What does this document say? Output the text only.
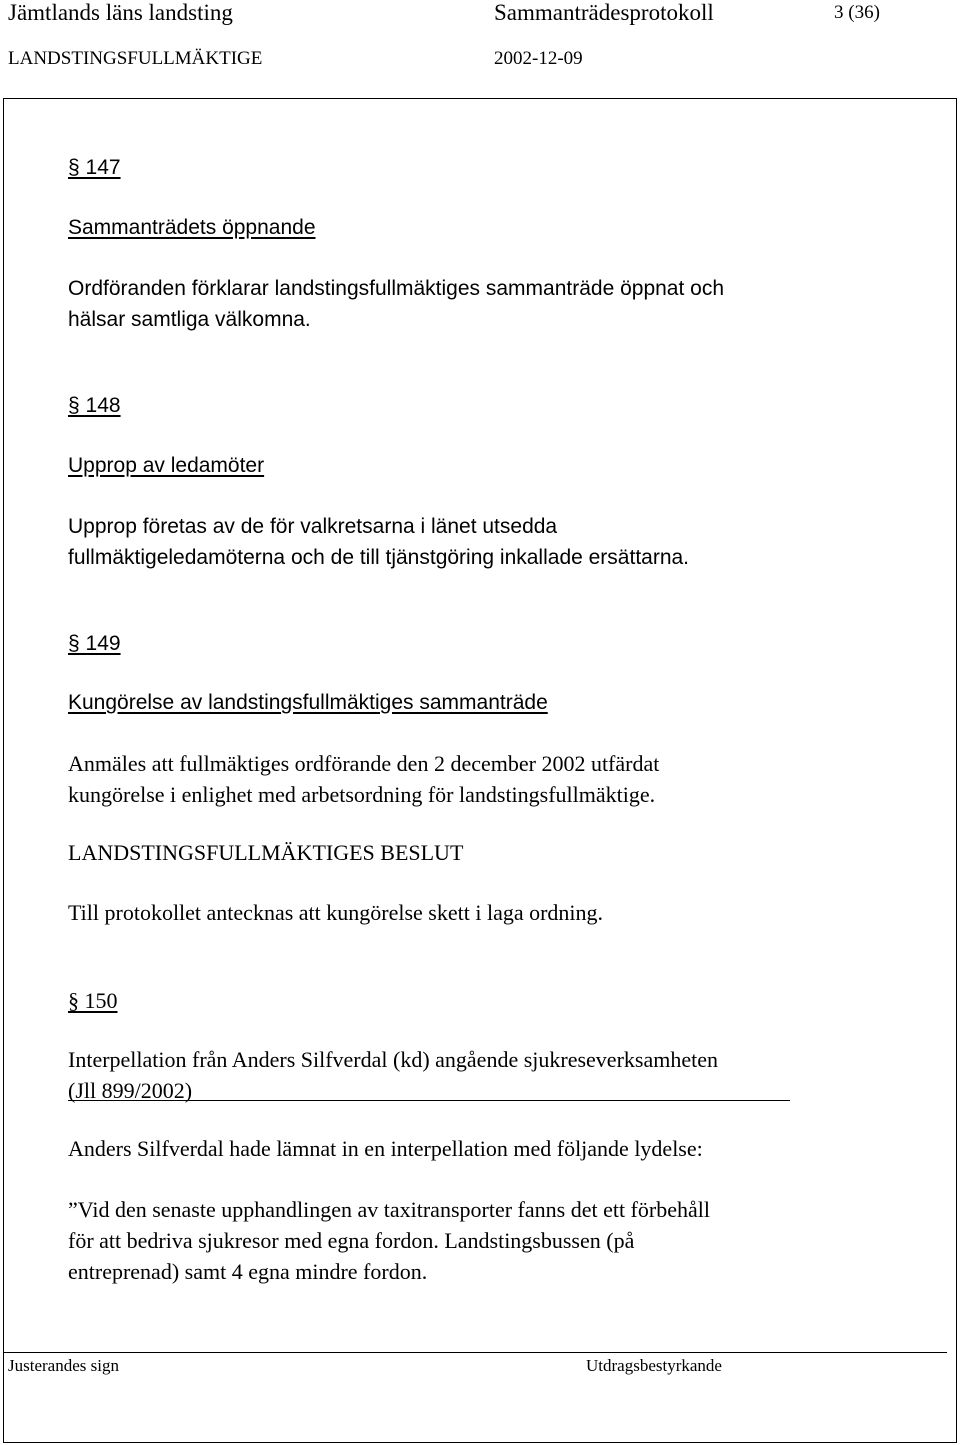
Jämtlands läns landsting	Sammanträdesprotokoll	3 (36)
LANDSTINGSFULLMÄKTIGE	2002-12-09
§ 147
Sammanträdets öppnande
Ordföranden förklarar landstingsfullmäktiges sammanträde öppnat och
hälsar samtliga välkomna.
§ 148
Upprop av ledamöter
Upprop företas av de för valkretsarna i länet utsedda
fullmäktigeledamöterna och de till tjänstgöring inkallade ersättarna.
§ 149
Kungörelse av landstingsfullmäktiges sammanträde
Anmäles att fullmäktiges ordförande den 2 december 2002 utfärdat
kungörelse i enlighet med arbetsordning för landstingsfullmäktige.
LANDSTINGSFULLMÄKTIGES BESLUT
Till protokollet antecknas att kungörelse skett i laga ordning.
§ 150
Interpellation från Anders Silfverdal (kd) angående sjukreseverksamheten
(Jll 899/2002)
Anders Silfverdal hade lämnat in en interpellation med följande lydelse:
”Vid den senaste upphandlingen av taxitransporter fanns det ett förbehåll
för att bedriva sjukresor med egna fordon. Landstingsbussen (på
entreprenad) samt 4 egna mindre fordon.
Justerandes sign	Utdragsbestyrkande
